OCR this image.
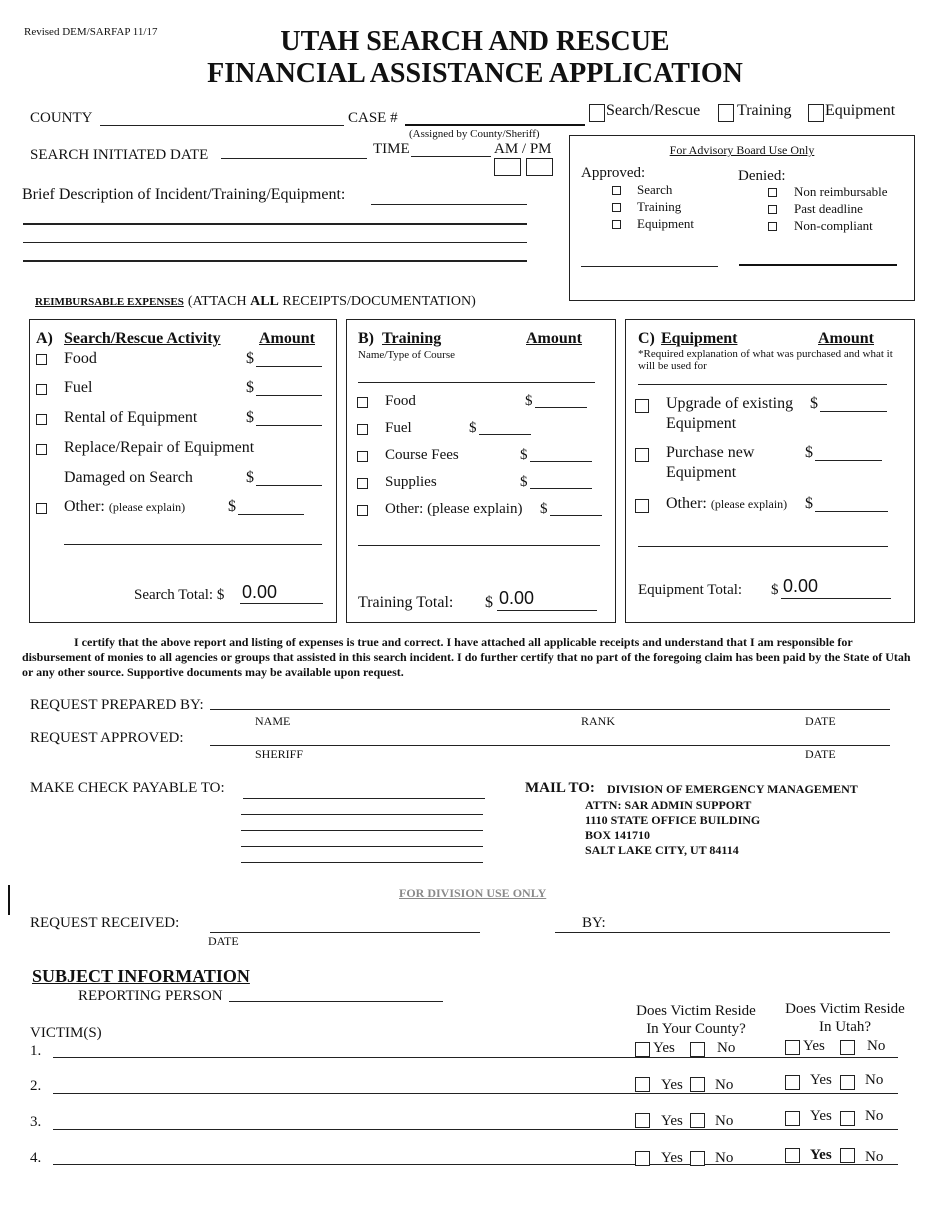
Revised DEM/SARFAP 11/17	UTAH SEARCH AND RESCUE
FINANCIAL ASSISTANCE APPLICATION
COUNTY	CASE #
(Assigned by County/Sheriff)
Search/Rescue Training Equipment
SEARCH INITIATED DATE	TIME	AM / PM
Brief Description of Incident/Training/Equipment:
For Advisory Board Use Only
Approved:
Search
Training
Equipment
Denied:
Non reimbursable
Past deadline
Non-compliant
REIMBURSABLE EXPENSES (ATTACH ALL RECEIPTS/DOCUMENTATION)
A) Search/Rescue Activity Amount
Food	$
Fuel	$
Rental of Equipment	$
Replace/Repair of Equipment
Damaged on Search	$
Other: (please explain)	$
Search Total: $ 0.00
B) Training	Amount
Name/Type of Course
Food	$
Fuel	$
Course Fees	$
Supplies	$
Other: (please explain) $
Training Total: $ 0.00
C) Equipment	Amount
*Required explanation of what was purchased and what it will be used for
Upgrade of existing
Equipment
$
Purchase new
Equipment
$
Other: (please explain) $
Equipment Total: $ 0.00
I certify that the above report and listing of expenses is true and correct. I have attached all applicable receipts and understand that I am responsible for disbursement of monies to all agencies or groups that assisted in this search incident. I do further certify that no part of the foregoing claim has been paid by the State of Utah or any other source. Supportive documents may be available upon request.
REQUEST PREPARED BY:
NAME	RANK	DATE
REQUEST APPROVED:
SHERIFF	DATE
MAKE CHECK PAYABLE TO:	MAIL TO: DIVISION OF EMERGENCY MANAGEMENT
ATTN: SAR ADMIN SUPPORT
1110 STATE OFFICE BUILDING
BOX 141710
SALT LAKE CITY, UT 84114
FOR DIVISION USE ONLY
REQUEST RECEIVED:
DATE
BY:
SUBJECT INFORMATION
REPORTING PERSON
Does Victim Reside
In Your County?
Does Victim Reside
In Utah?
VICTIM(S)
1.	Yes	No	Yes	No
2.	Yes No	Yes No
3.	Yes No	Yes No
4.	Yes No	Yes No
